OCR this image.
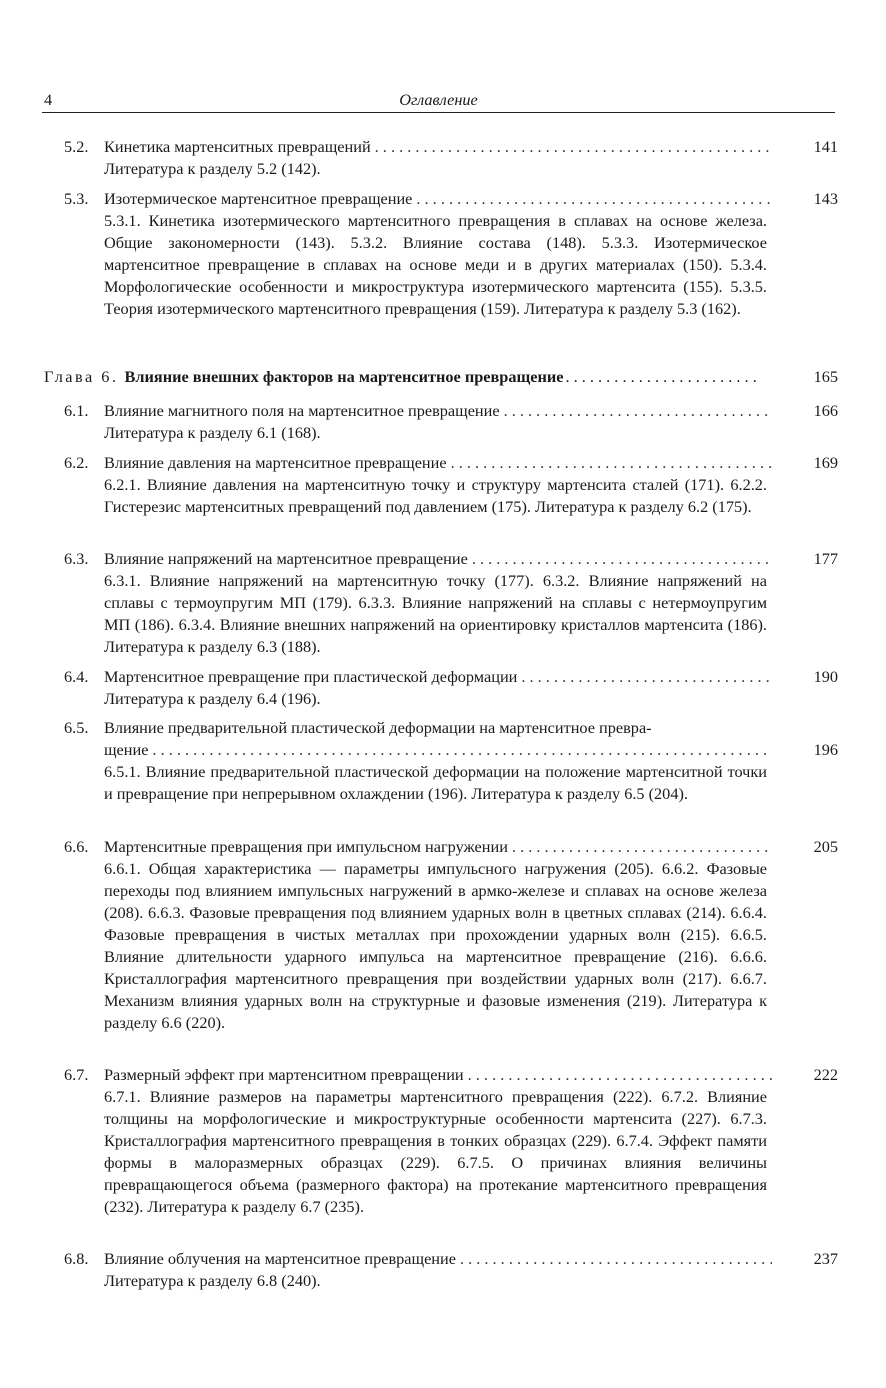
4	Оглавление
5.2. Кинетика мартенситных превращений . . .	141

Литература к разделу 5.2 (142).

5.3. Изотермическое мартенситное превращение . . .	143

5.3.1. Кинетика изотермического мартенситного превращения в сплавах на основе железа. Общие закономерности (143). 5.3.2. Влияние состава (148). 5.3.3. Изотермическое мартенситное превращение в сплавах на основе меди и в других материалах (150). 5.3.4. Морфологические особенности и микроструктура изотермического мартенсита (155). 5.3.5. Теория изотермического мартенситного превращения (159). Литература к разделу 5.3 (162).

Глава 6. Влияние внешних факторов на мартенситное превращение . . .	165
6.1. Влияние магнитного поля на мартенситное превращение . . .	166

Литература к разделу 6.1 (168).

6.2. Влияние давления на мартенситное превращение . . .	169

6.2.1. Влияние давления на мартенситную точку и структуру мартенсита сталей (171). 6.2.2. Гистерезис мартенситных превращений под давлением (175). Литература к разделу 6.2 (175).

6.3. Влияние напряжений на мартенситное превращение . . .	177

6.3.1. Влияние напряжений на мартенситную точку (177). 6.3.2. Влияние напряжений на сплавы с термоупругим МП (179). 6.3.3. Влияние напряжений на сплавы с нетермоупругим МП (186). 6.3.4. Влияние внешних напряжений на ориентировку кристаллов мартенсита (186). Литература к разделу 6.3 (188).

6.4. Мартенситное превращение при пластической деформации . . .	190

Литература к разделу 6.4 (196).

6.5. Влияние предварительной пластической деформации на мартенситное превра-
щение . . .	196

6.5.1. Влияние предварительной пластической деформации на положение мартенситной точки и превращение при непрерывном охлаждении (196). Литература к разделу 6.5 (204).

6.6. Мартенситные превращения при импульсном нагружении . . .	205

6.6.1. Общая характеристика — параметры импульсного нагружения (205). 6.6.2. Фазовые переходы под влиянием импульсных нагружений в армко-железе и сплавах на основе железа (208). 6.6.3. Фазовые превращения под влиянием ударных волн в цветных сплавах (214). 6.6.4. Фазовые превращения в чистых металлах при прохождении ударных волн (215). 6.6.5. Влияние длительности ударного импульса на мартенситное превращение (216). 6.6.6. Кристаллография мартенситного превращения при воздействии ударных волн (217). 6.6.7. Механизм влияния ударных волн на структурные и фазовые изменения (219). Литература к разделу 6.6 (220).

6.7. Размерный эффект при мартенситном превращении . . .	222

6.7.1. Влияние размеров на параметры мартенситного превращения (222). 6.7.2. Влияние толщины на морфологические и микроструктурные особенности мартенсита (227). 6.7.3. Кристаллография мартенситного превращения в тонких образцах (229). 6.7.4. Эффект памяти формы в малоразмерных образцах (229). 6.7.5. О причинах влияния величины превращающегося объема (размерного фактора) на протекание мартенситного превращения (232). Литература к разделу 6.7 (235).

6.8. Влияние облучения на мартенситное превращение . . .	237

Литература к разделу 6.8 (240).
